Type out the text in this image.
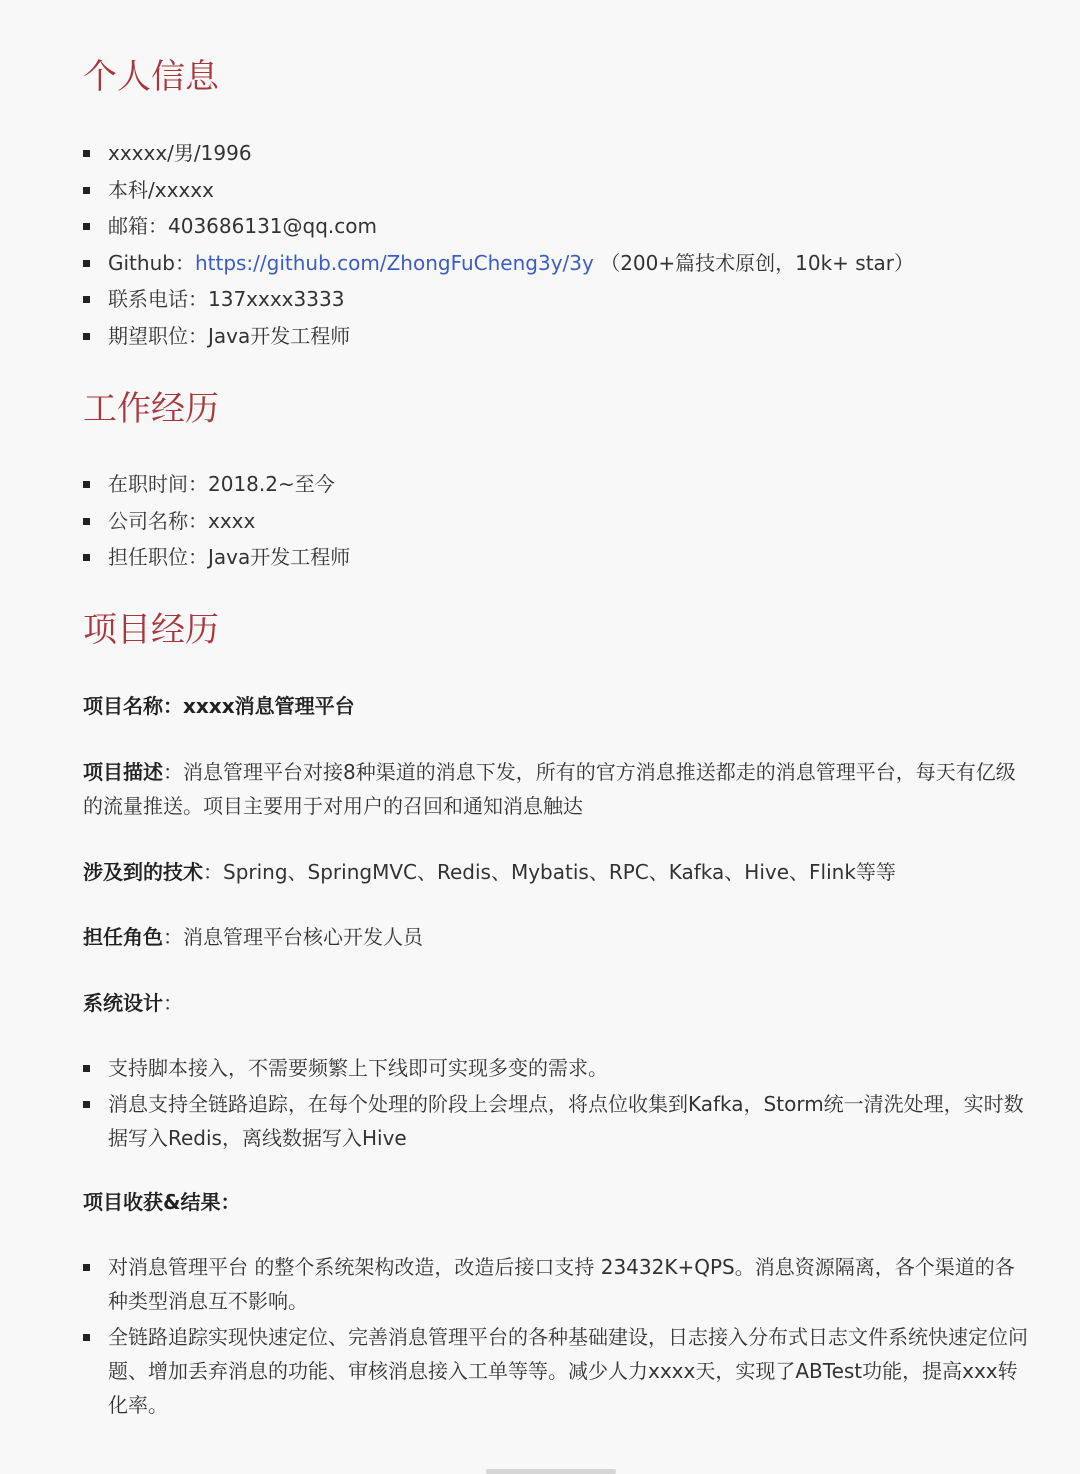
个人信息
xxxxx/男/1996
本科/xxxxx
邮箱：403686131@qq.com
Github：https://github.com/ZhongFuCheng3y/3y （200+篇技术原创，10k+ star）
联系电话：137xxxx3333
期望职位：Java开发工程师
工作经历
在职时间：2018.2~至今
公司名称：xxxx
担任职位：Java开发工程师
项目经历

项目名称：xxxx消息管理平台

项目描述：消息管理平台对接8种渠道的消息下发，所有的官方消息推送都走的消息管理平台，每天有亿级的流量推送。项目主要用于对用户的召回和通知消息触达

涉及到的技术：Spring、SpringMVC、Redis、Mybatis、RPC、Kafka、Hive、Flink等等

担任角色：消息管理平台核心开发人员

系统设计：

支持脚本接入，不需要频繁上下线即可实现多变的需求。
消息支持全链路追踪，在每个处理的阶段上会埋点，将点位收集到Kafka，Storm统一清洗处理，实时数据写入Redis，离线数据写入Hive

项目收获&结果：

对消息管理平台 的整个系统架构改造，改造后接口支持 23432K+QPS。消息资源隔离，各个渠道的各种类型消息互不影响。
全链路追踪实现快速定位、完善消息管理平台的各种基础建设，日志接入分布式日志文件系统快速定位问题、增加丢弃消息的功能、审核消息接入工单等等。减少人力xxxx天，实现了ABTest功能，提高xxx转化率。
